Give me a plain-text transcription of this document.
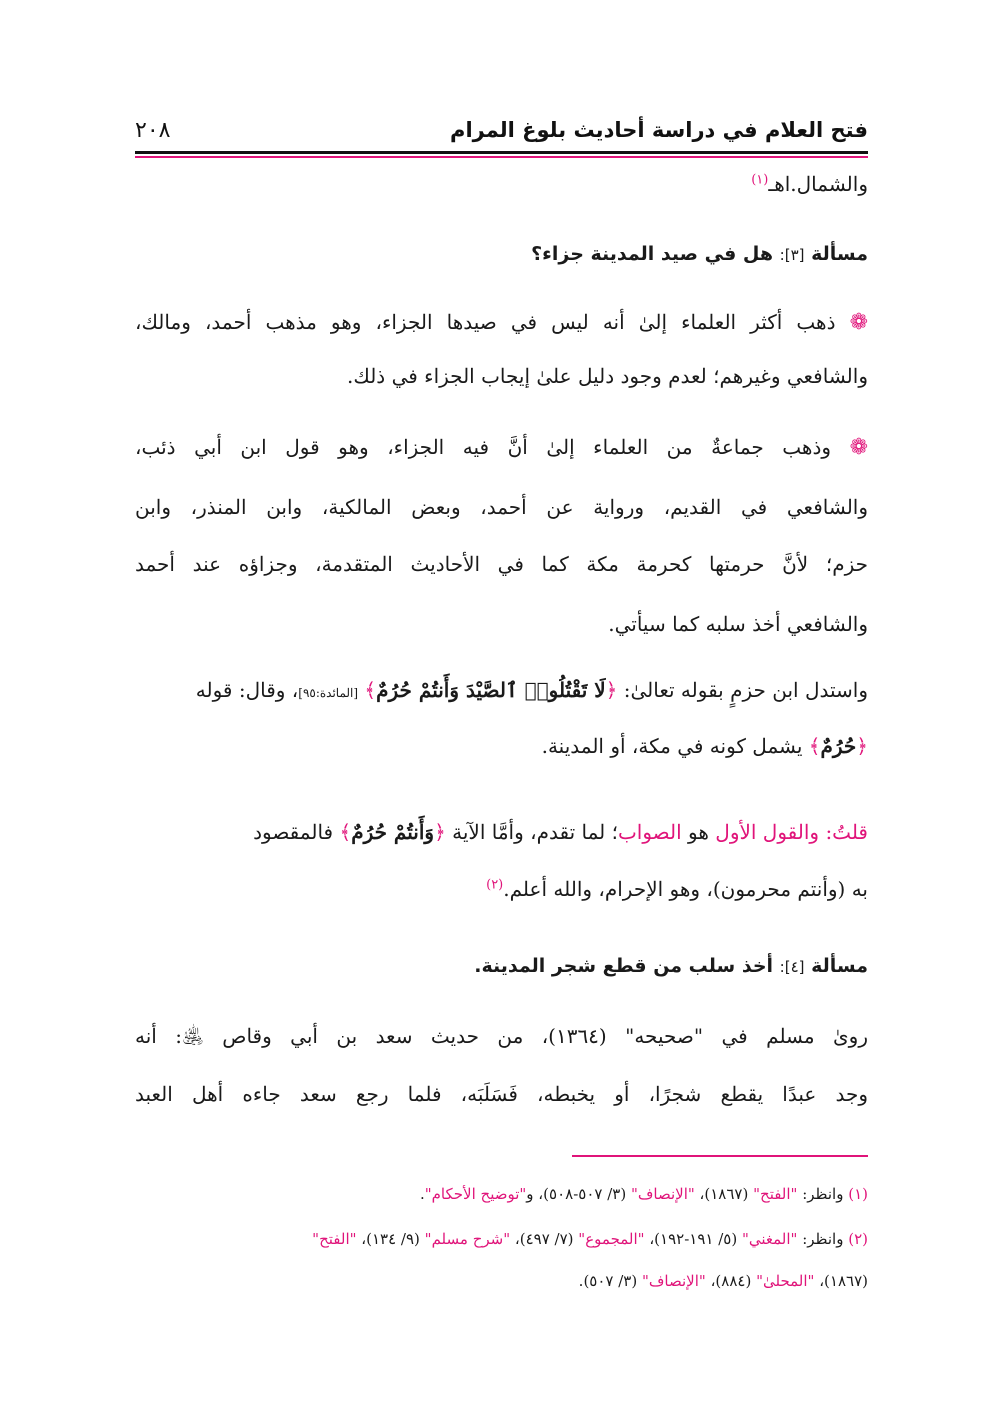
فتح العلام في دراسة أحاديث بلوغ المرام
٢٠٨
والشمال.اهـ$^{(١)}$
مسألة [٣]: هل في صيد المدينة جزاء؟
❁ ذهب أكثر العلماء إلىٰ أنه ليس في صيدها الجزاء، وهو مذهب أحمد، ومالك،
والشافعي وغيرهم؛ لعدم وجود دليل علىٰ إيجاب الجزاء في ذلك.
❁ وذهب جماعةٌ من العلماء إلىٰ أنَّ فيه الجزاء، وهو قول ابن أبي ذئب،
والشافعي في القديم، ورواية عن أحمد، وبعض المالكية، وابن المنذر، وابن
حزم؛ لأنَّ حرمتها كحرمة مكة كما في الأحاديث المتقدمة، وجزاؤه عند أحمد
والشافعي أخذ سلبه كما سيأتي.
واستدل ابن حزمٍ بقوله تعالىٰ: ﴿لَا تَقْتُلُوا۟ ٱلصَّيْدَ وَأَنتُمْ حُرُمٌ﴾ [المائدة:٩٥]، وقال: قوله
﴿حُرُمٌ﴾ يشمل كونه في مكة، أو المدينة.
قلتُ: والقول الأول هو الصواب؛ لما تقدم، وأمَّا الآية ﴿وَأَنتُمْ حُرُمٌ﴾ فالمقصود
به (وأنتم محرمون)، وهو الإحرام، والله أعلم.$^{(٢)}$
مسألة [٤]: أخذ سلب من قطع شجر المدينة.
روىٰ مسلم في "صحيحه" (١٣٦٤)، من حديث سعد بن أبي وقاص ﵁: أنه
وجد عبدًا يقطع شجرًا، أو يخبطه، فَسَلَبَه، فلما رجع سعد جاءه أهل العبد
(١) وانظر: "الفتح" (١٨٦٧)، "الإنصاف" (٣/ ٥٠٧-٥٠٨)، و"توضيح الأحكام".
(٢) وانظر: "المغني" (٥/ ١٩١-١٩٢)، "المجموع" (٧/ ٤٩٧)، "شرح مسلم" (٩/ ١٣٤)، "الفتح"
(١٨٦٧)، "المحلىٰ" (٨٨٤)، "الإنصاف" (٣/ ٥٠٧).
